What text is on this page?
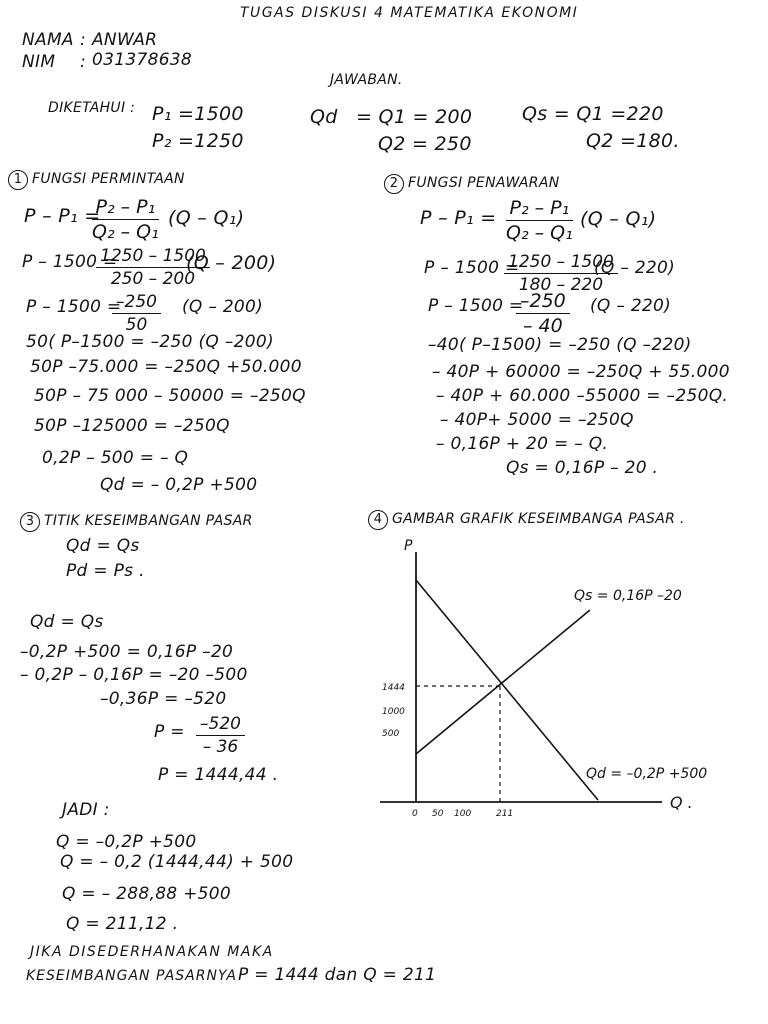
TUGAS DISKUSI 4 MATEMATIKA EKONOMI
NAMA : ANWAR
NIM : 031378638
JAWABAN.
DIKETAHUI : P₁ =1500
P₂ =1250
Qd = Q1 = 200
Q2 = 250
Qs = Q1 =220
Q2 =180.
1 FUNGSI PERMINTAAN
P – P₁ =
$\frac{\text{P₂ – P₁}}{\text{Q₂ – Q₁}} (Q - Q_1)$
P – 1500 =
$\frac{1250 - 1500}{250 - 200}$
(Q – 200)
P – 1500 =
$\frac{-250}{50} (Q - 200)$
50( P–1500 = –250 (Q –200)
50P –75.000 = –250Q +50.000
50P – 75 000 – 50000 = –250Q
50P –125000 = –250Q
0,2P – 500 = – Q
Qd = – 0,2P +500
2 FUNGSI PENAWARAN
$P - P_1 = \frac{\text{P₂ – P₁}}{\text{Q₂ – Q₁}} (Q - Q_1)$
P – 1500 =
$\frac{1250 - 1500}{180 - 220}$
(Q – 220)
P – 1500 =
$\frac{-250}{- 40} (Q - 220)$
–40( P–1500) = –250 (Q –220)
– 40P + 60000 = –250Q + 55.000
– 40P + 60.000 –55000 = –250Q.
– 40P+ 5000 = –250Q
– 0,16P + 20 = – Q.
Qs = 0,16P – 20 .
3 TITIK KESEIMBANGAN PASAR
Qd = Qs
Pd = Ps .
Qd = Qs
–0,2P +500 = 0,16P –20
– 0,2P – 0,16P = –20 –500
–0,36P = –520
$P = \frac{-520}{- 36}$
P = 1444,44 .
JADI :
Q = –0,2P +500
Q = – 0,2 (1444,44) + 500
Q = – 288,88 +500
Q = 211,12 .
JIKA DISEDERHANAKAN MAKA
KESEIMBANGAN PASARNYA P = 1444 dan Q = 211
4 GAMBAR GRAFIK KESEIMBANGA PASAR .
P
Q .
1444
1000
500
0 50 100	211
Qs = 0,16P –20
Qd = –0,2P +500
